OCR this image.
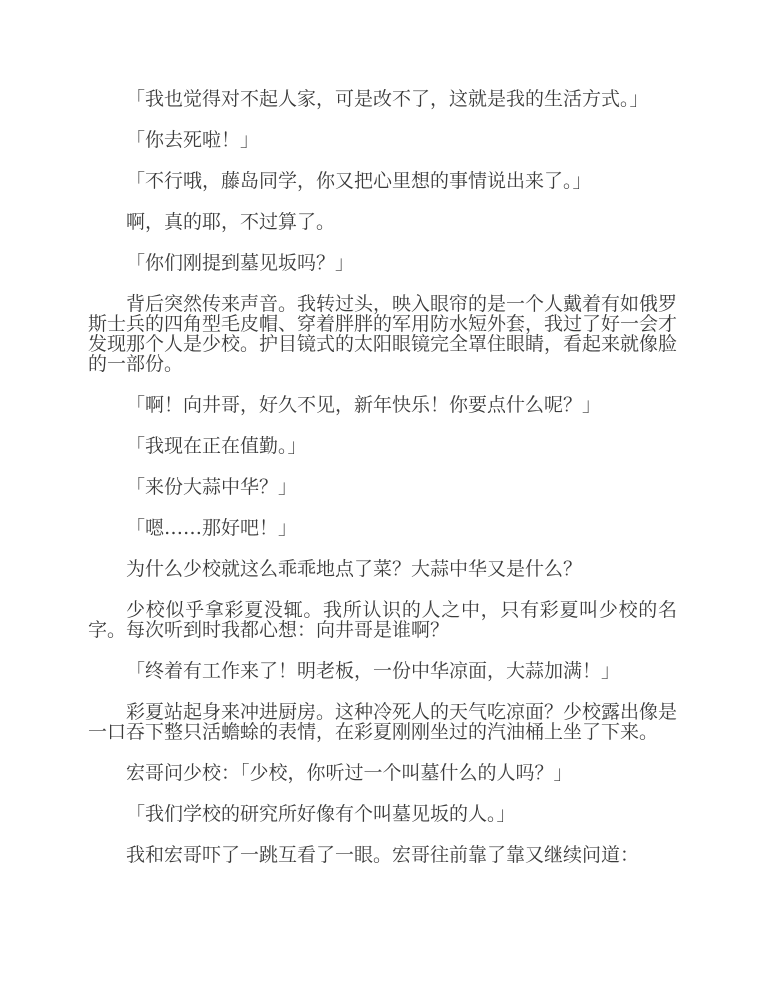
「我也觉得对不起人家，可是改不了，这就是我的生活方式。」

「你去死啦！」

「不行哦，藤岛同学，你又把心里想的事情说出来了。」

啊，真的耶，不过算了。

「你们刚提到墓见坂吗？」

背后突然传来声音。我转过头，映入眼帘的是一个人戴着有如俄罗斯士兵的四角型毛皮帽、穿着胖胖的军用防水短外套，我过了好一会才发现那个人是少校。护目镜式的太阳眼镜完全罩住眼睛，看起来就像脸的一部份。

「啊！向井哥，好久不见，新年快乐！你要点什么呢？」

「我现在正在值勤。」

「来份大蒜中华？」

「嗯……那好吧！」

为什么少校就这么乖乖地点了菜？大蒜中华又是什么？

少校似乎拿彩夏没辄。我所认识的人之中，只有彩夏叫少校的名字。每次听到时我都心想：向井哥是谁啊？

「终着有工作来了！明老板，一份中华凉面，大蒜加满！」

彩夏站起身来冲进厨房。这种冷死人的天气吃凉面？少校露出像是一口吞下整只活蟾蜍的表情，在彩夏刚刚坐过的汽油桶上坐了下来。

宏哥问少校：「少校，你听过一个叫墓什么的人吗？」

「我们学校的研究所好像有个叫墓见坂的人。」

我和宏哥吓了一跳互看了一眼。宏哥往前靠了靠又继续问道：
